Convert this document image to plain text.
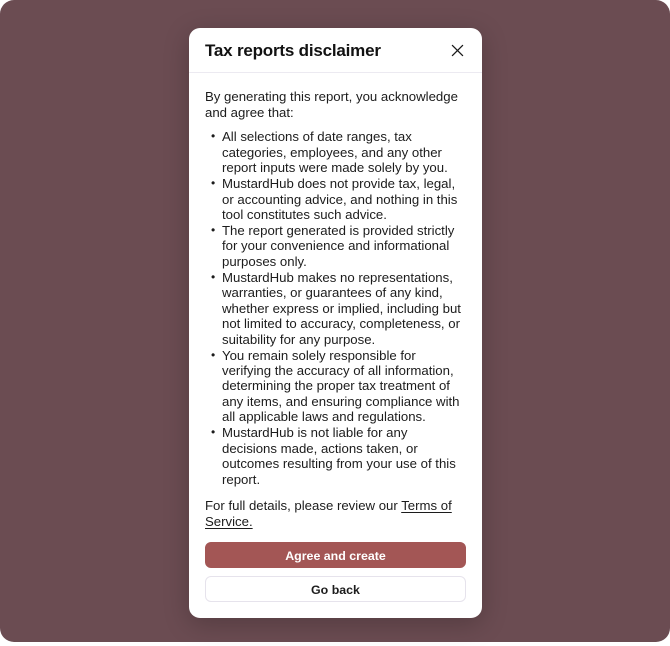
Tax reports disclaimer

By generating this report, you acknowledge and agree that:

• All selections of date ranges, tax categories, employees, and any other report inputs were made solely by you.
• MustardHub does not provide tax, legal, or accounting advice, and nothing in this tool constitutes such advice.
• The report generated is provided strictly for your convenience and informational purposes only.
• MustardHub makes no representations, warranties, or guarantees of any kind, whether express or implied, including but not limited to accuracy, completeness, or suitability for any purpose.
• You remain solely responsible for verifying the accuracy of all information, determining the proper tax treatment of any items, and ensuring compliance with all applicable laws and regulations.
• MustardHub is not liable for any decisions made, actions taken, or outcomes resulting from your use of this report.

For full details, please review our Terms of Service.

Agree and create
Go back
